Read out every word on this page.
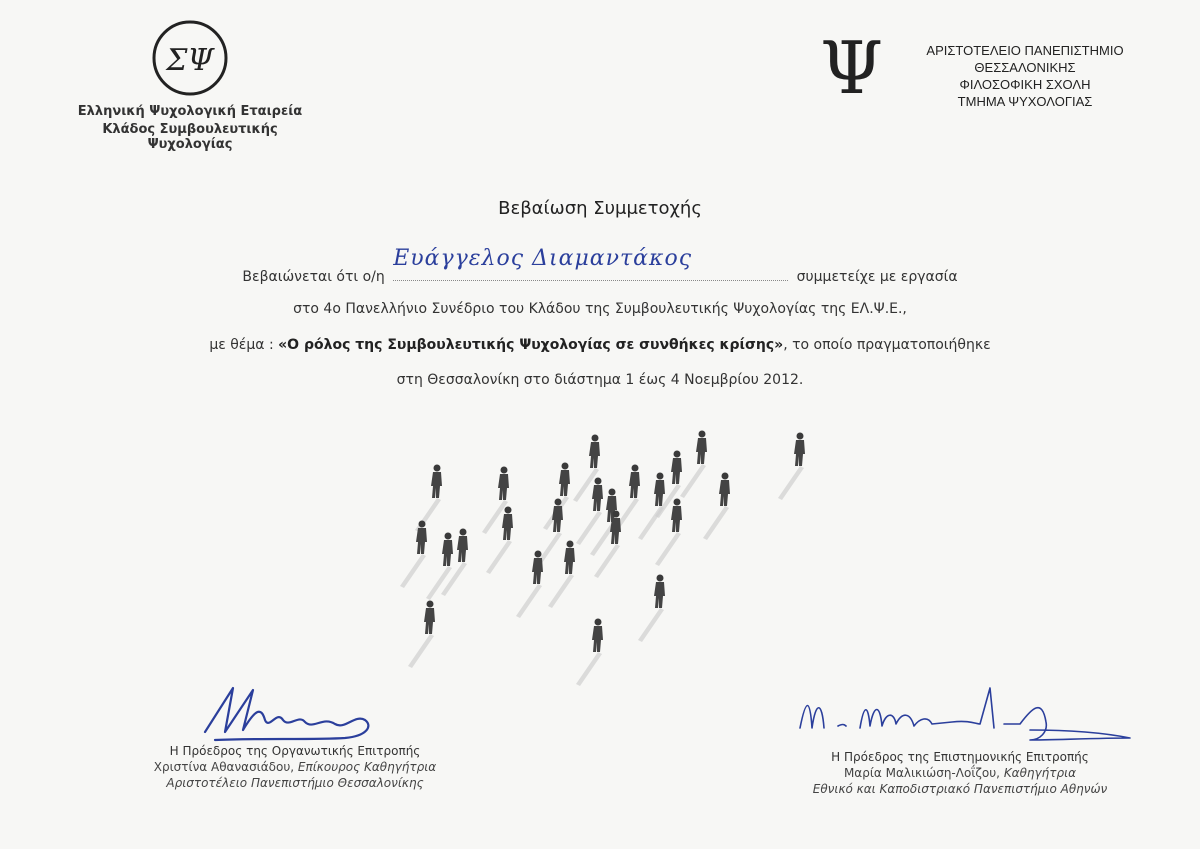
ΣΨ
Ελληνική Ψυχολογική Εταιρεία
Κλάδος Συμβουλευτικής Ψυχολογίας
Ψ	ΑΡΙΣΤΟΤΕΛΕΙΟ ΠΑΝΕΠΙΣΤΗΜΙΟ
ΘΕΣΣΑΛΟΝΙΚΗΣ
ΦΙΛΟΣΟΦΙΚΗ ΣΧΟΛΗ
ΤΜΗΜΑ ΨΥΧΟΛΟΓΙΑΣ
Βεβαίωση Συμμετοχής
Βεβαιώνεται ότι ο/η
Ευάγγελος Διαμαντάκος
συμμετείχε με εργασία
στο 4ο Πανελλήνιο Συνέδριο του Κλάδου της Συμβουλευτικής Ψυχολογίας της ΕΛ.Ψ.Ε.,
με θέμα : «Ο ρόλος της Συμβουλευτικής Ψυχολογίας σε συνθήκες κρίσης», το οποίο πραγματοποιήθηκε
στη Θεσσαλονίκη στο διάστημα 1 έως 4 Νοεμβρίου 2012.
Η Πρόεδρος της Οργανωτικής Επιτροπής
Χριστίνα Αθανασιάδου, Επίκουρος Καθηγήτρια
Αριστοτέλειο Πανεπιστήμιο Θεσσαλονίκης
Η Πρόεδρος της Επιστημονικής Επιτροπής
Μαρία Μαλικιώση-Λοΐζου, Καθηγήτρια
Εθνικό και Καποδιστριακό Πανεπιστήμιο Αθηνών
